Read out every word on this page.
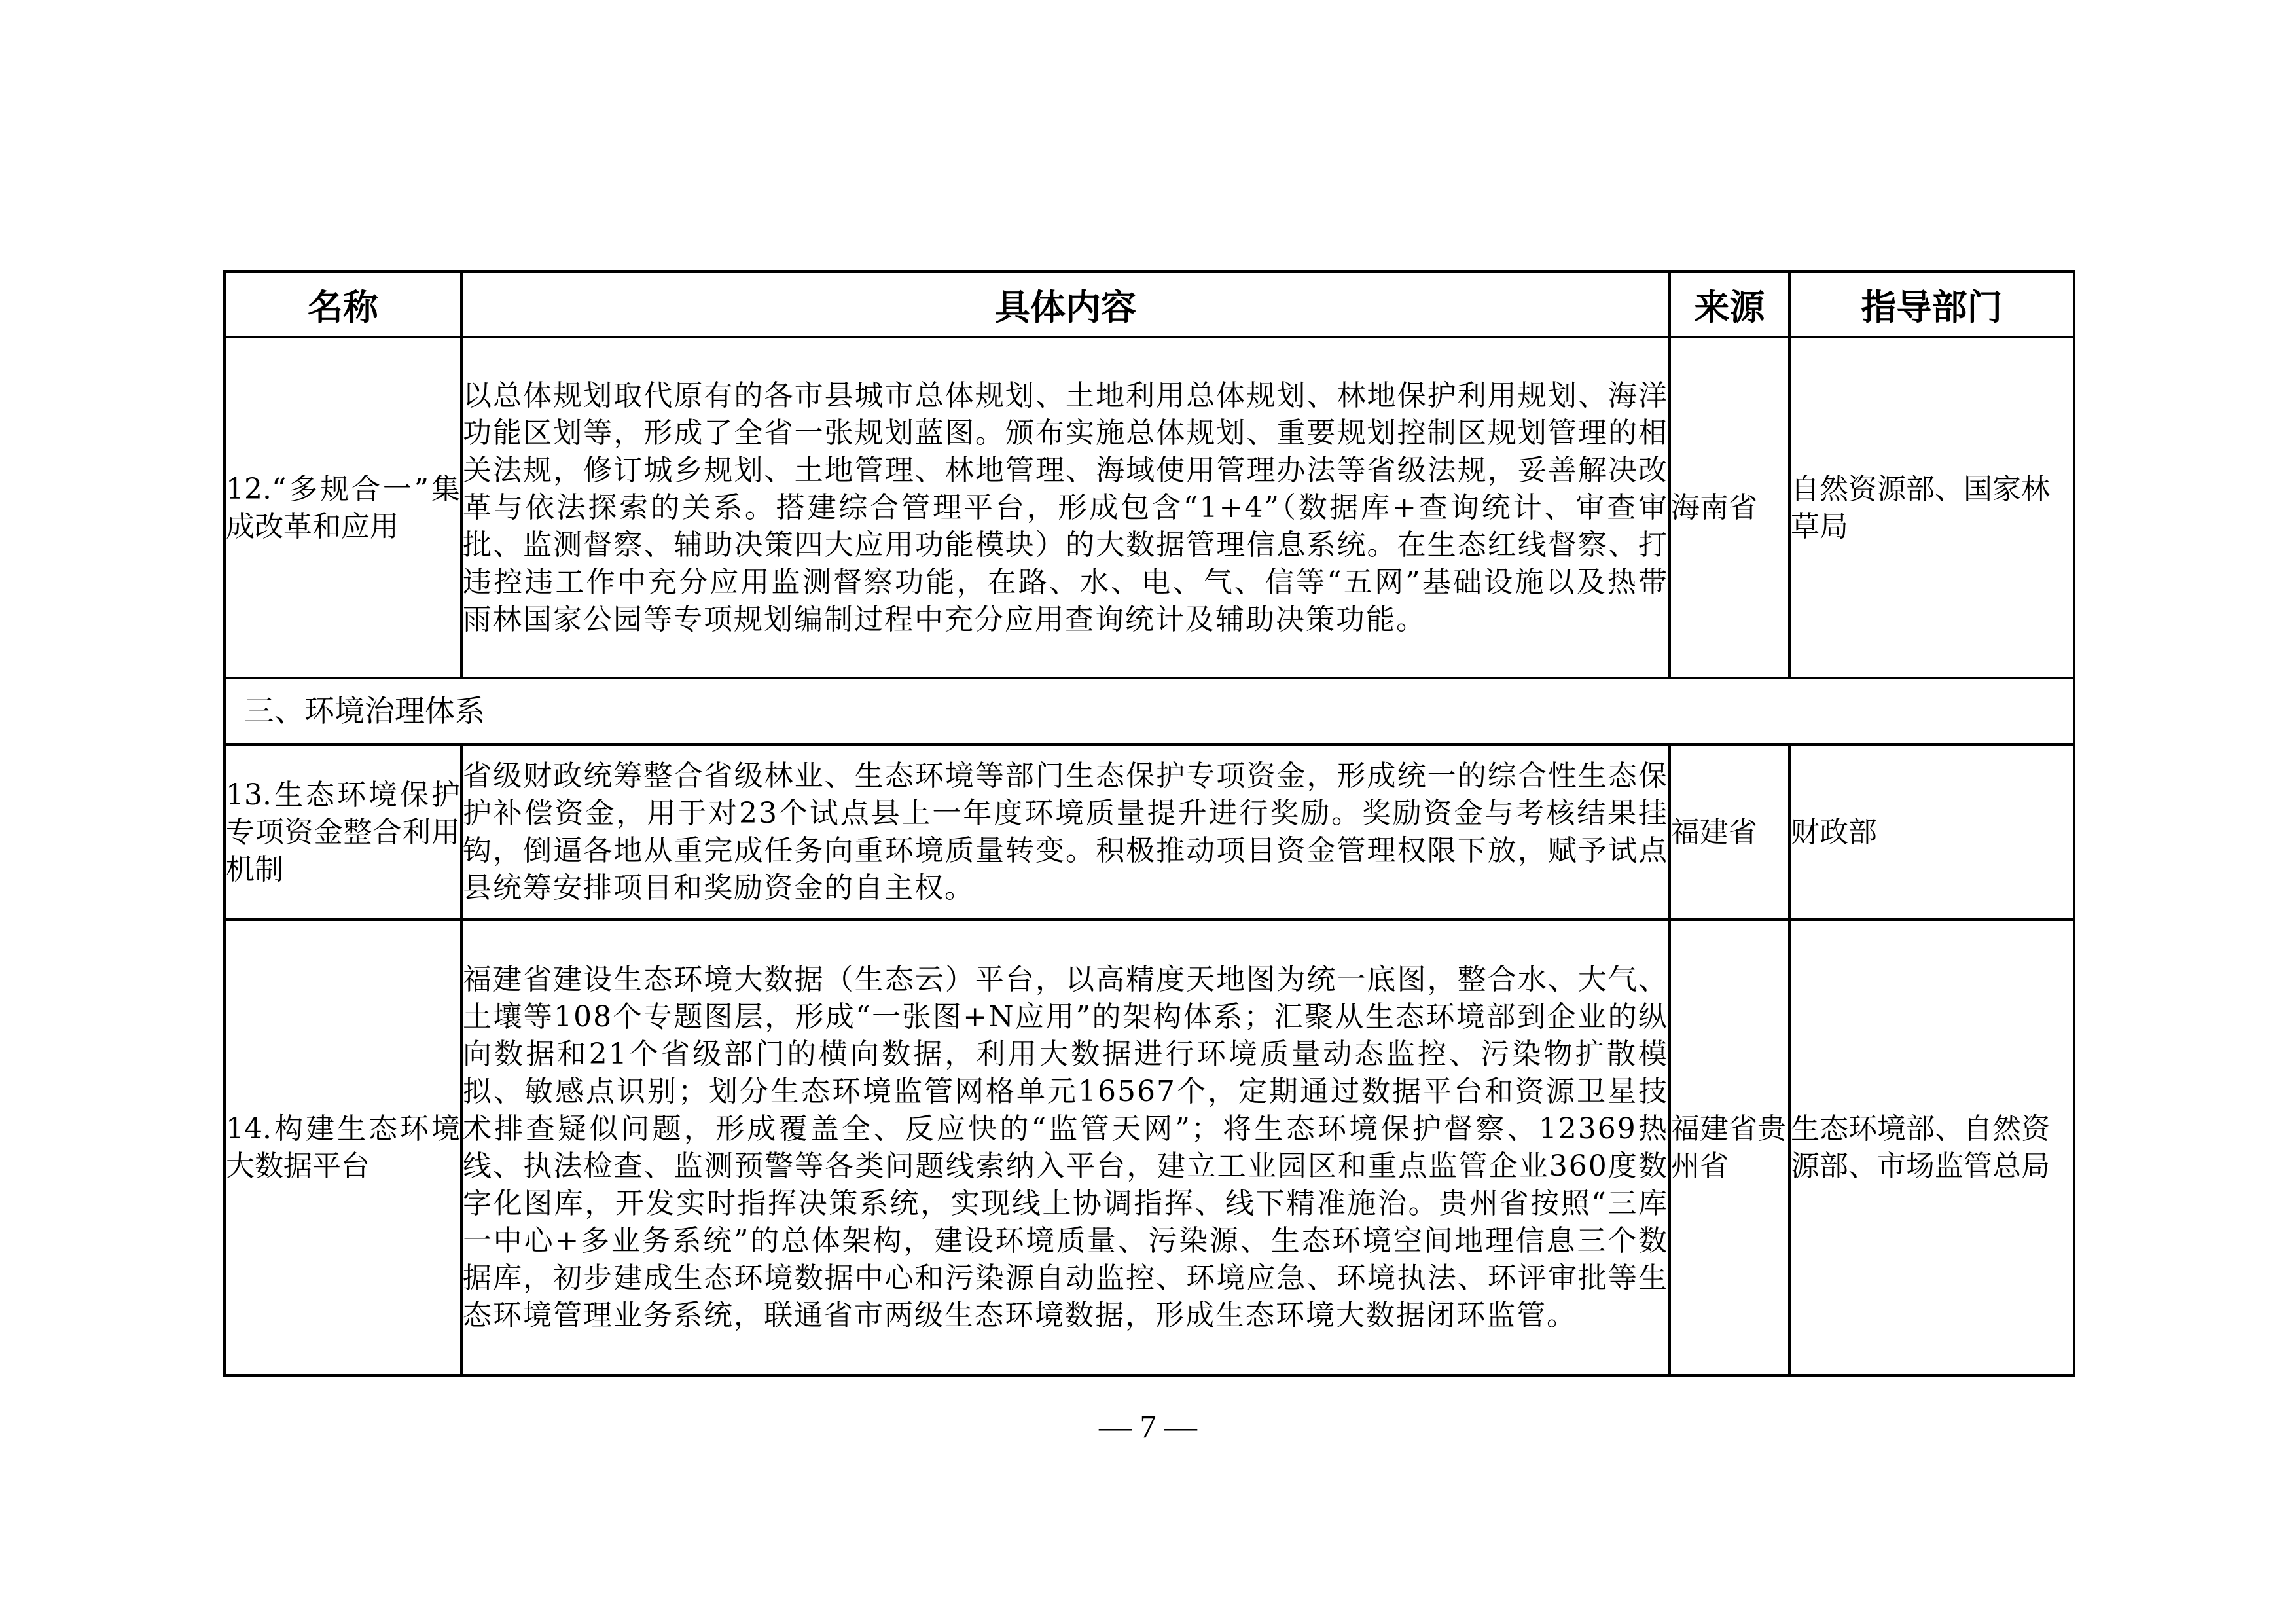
名称	具体内容	来源	指导部门
12.“多规合一”集成改革和应用	以总体规划取代原有的各市县城市总体规划、土地利用总体规划、林地保护利用规划、海洋功能区划等，形成了全省一张规划蓝图。颁布实施总体规划、重要规划控制区规划管理的相关法规，修订城乡规划、土地管理、林地管理、海域使用管理办法等省级法规，妥善解决改革与依法探索的关系。搭建综合管理平台，形成包含“1+4”（数据库+查询统计、审查审批、监测督察、辅助决策四大应用功能模块）的大数据管理信息系统。在生态红线督察、打违控违工作中充分应用监测督察功能，在路、水、电、气、信等“五网”基础设施以及热带雨林国家公园等专项规划编制过程中充分应用查询统计及辅助决策功能。	海南省	自然资源部、国家林草局
三、环境治理体系			
13.生态环境保护专项资金整合利用机制	省级财政统筹整合省级林业、生态环境等部门生态保护专项资金，形成统一的综合性生态保护补偿资金，用于对23个试点县上一年度环境质量提升进行奖励。奖励资金与考核结果挂钩，倒逼各地从重完成任务向重环境质量转变。积极推动项目资金管理权限下放，赋予试点县统筹安排项目和奖励资金的自主权。	福建省	财政部
14.构建生态环境大数据平台	福建省建设生态环境大数据（生态云）平台，以高精度天地图为统一底图，整合水、大气、土壤等108个专题图层，形成“一张图+N应用”的架构体系；汇聚从生态环境部到企业的纵向数据和21个省级部门的横向数据，利用大数据进行环境质量动态监控、污染物扩散模拟、敏感点识别；划分生态环境监管网格单元16567个，定期通过数据平台和资源卫星技术排查疑似问题，形成覆盖全、反应快的“监管天网”；将生态环境保护督察、12369热线、执法检查、监测预警等各类问题线索纳入平台，建立工业园区和重点监管企业360度数字化图库，开发实时指挥决策系统，实现线上协调指挥、线下精准施治。贵州省按照“三库一中心+多业务系统”的总体架构，建设环境质量、污染源、生态环境空间地理信息三个数据库，初步建成生态环境数据中心和污染源自动监控、环境应急、环境执法、环评审批等生态环境管理业务系统，联通省市两级生态环境数据，形成生态环境大数据闭环监管。	福建省贵州省	生态环境部、自然资源部、市场监管总局
— 7 —
